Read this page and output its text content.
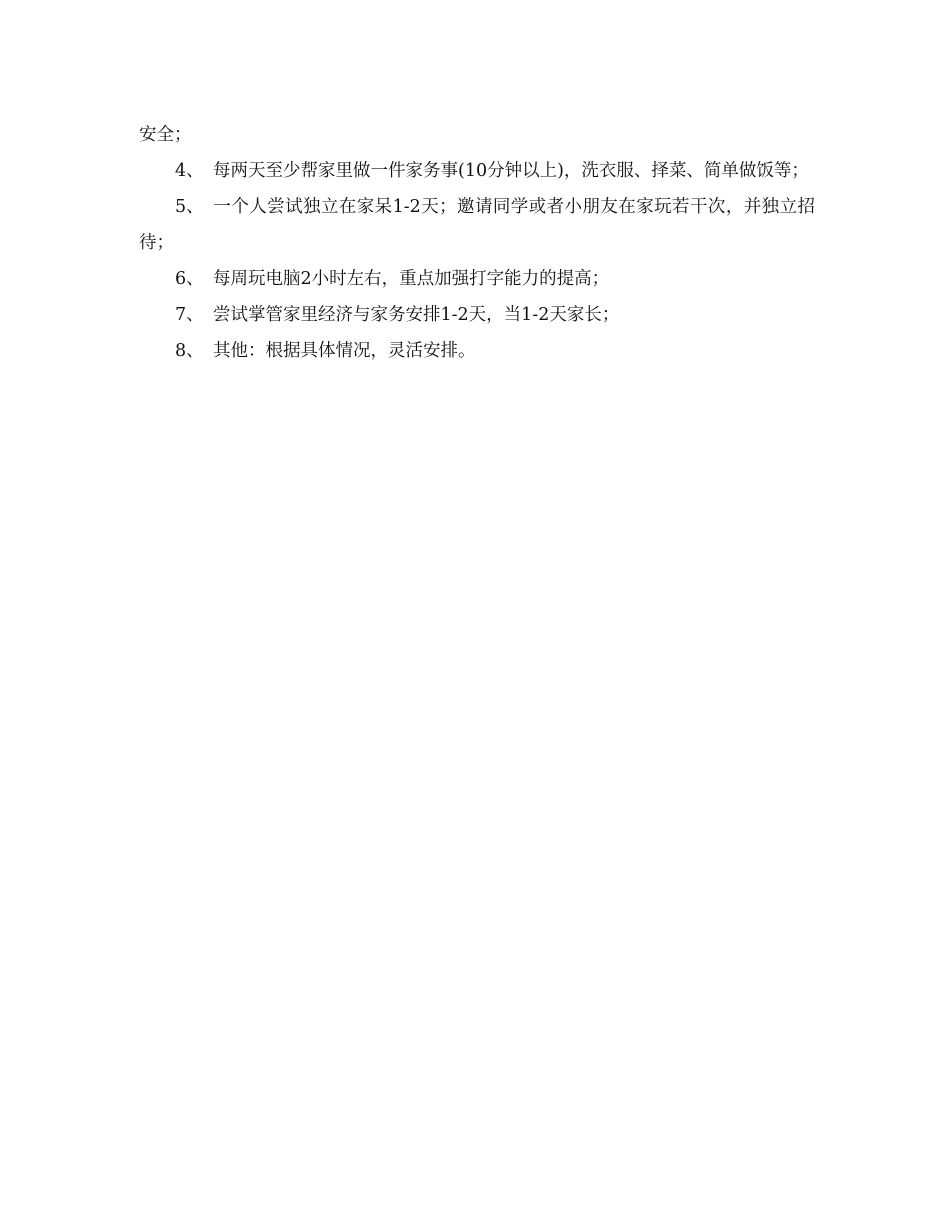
安全；

4、 每两天至少帮家里做一件家务事(10分钟以上)，洗衣服、择菜、简单做饭等；

5、 一个人尝试独立在家呆1-2天；邀请同学或者小朋友在家玩若干次，并独立招待；

6、 每周玩电脑2小时左右，重点加强打字能力的提高；

7、 尝试掌管家里经济与家务安排1-2天，当1-2天家长；

8、 其他：根据具体情况，灵活安排。
